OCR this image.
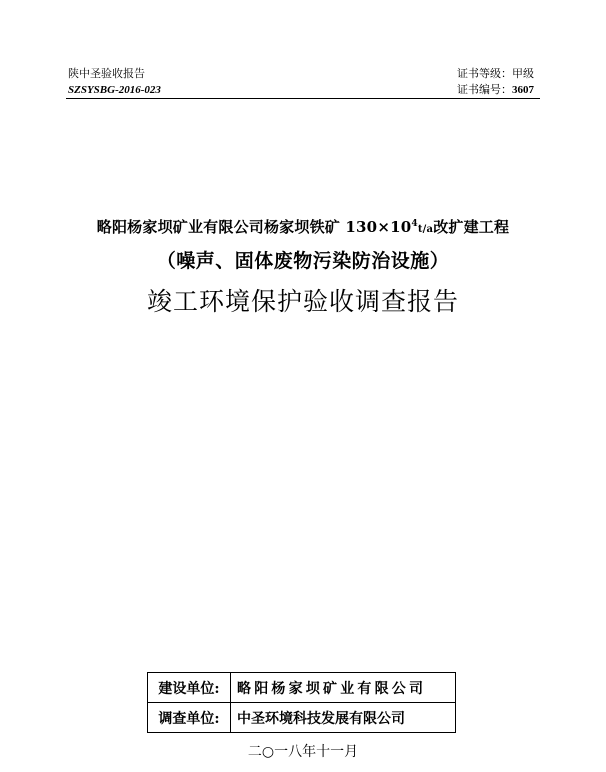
陕中圣验收报告
SZSYSBG-2016-023
证书等级：甲级
证书编号：3607
略阳杨家坝矿业有限公司杨家坝铁矿 $130\times 10^4t/a$改扩建工程
（噪声、固体废物污染防治设施）
竣工环境保护验收调查报告
建设单位:	略阳杨家坝矿业有限公司
调查单位:	中圣环境科技发展有限公司
二○一八年十一月
